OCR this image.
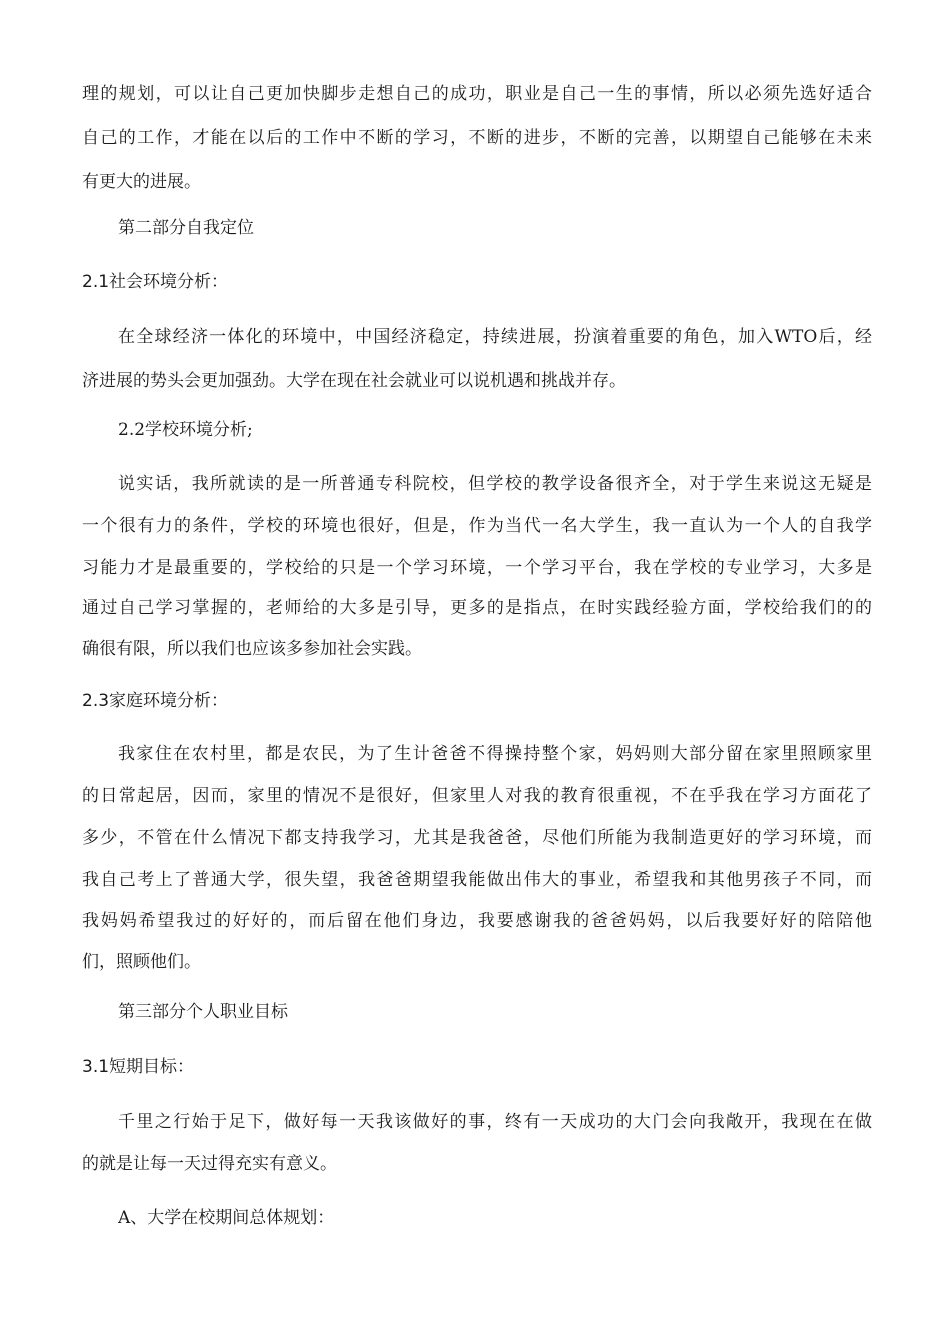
理的规划，可以让自己更加快脚步走想自己的成功，职业是自己一生的事情，所以必须先选好适合
自己的工作，才能在以后的工作中不断的学习，不断的进步，不断的完善，以期望自己能够在未来
有更大的进展。
第二部分自我定位
2.1社会环境分析：
在全球经济一体化的环境中，中国经济稳定，持续进展，扮演着重要的角色，加入WTO后，经
济进展的势头会更加强劲。大学在现在社会就业可以说机遇和挑战并存。
2.2学校环境分析;
说实话，我所就读的是一所普通专科院校，但学校的教学设备很齐全，对于学生来说这无疑是
一个很有力的条件，学校的环境也很好，但是，作为当代一名大学生，我一直认为一个人的自我学
习能力才是最重要的，学校给的只是一个学习环境，一个学习平台，我在学校的专业学习，大多是
通过自己学习掌握的，老师给的大多是引导，更多的是指点，在时实践经验方面，学校给我们的的
确很有限，所以我们也应该多参加社会实践。
2.3家庭环境分析：
我家住在农村里，都是农民，为了生计爸爸不得操持整个家，妈妈则大部分留在家里照顾家里
的日常起居，因而，家里的情况不是很好，但家里人对我的教育很重视，不在乎我在学习方面花了
多少，不管在什么情况下都支持我学习，尤其是我爸爸，尽他们所能为我制造更好的学习环境，而
我自己考上了普通大学，很失望，我爸爸期望我能做出伟大的事业，希望我和其他男孩子不同，而
我妈妈希望我过的好好的，而后留在他们身边，我要感谢我的爸爸妈妈，以后我要好好的陪陪他
们，照顾他们。
第三部分个人职业目标
3.1短期目标：
千里之行始于足下，做好每一天我该做好的事，终有一天成功的大门会向我敞开，我现在在做
的就是让每一天过得充实有意义。
A、大学在校期间总体规划：
